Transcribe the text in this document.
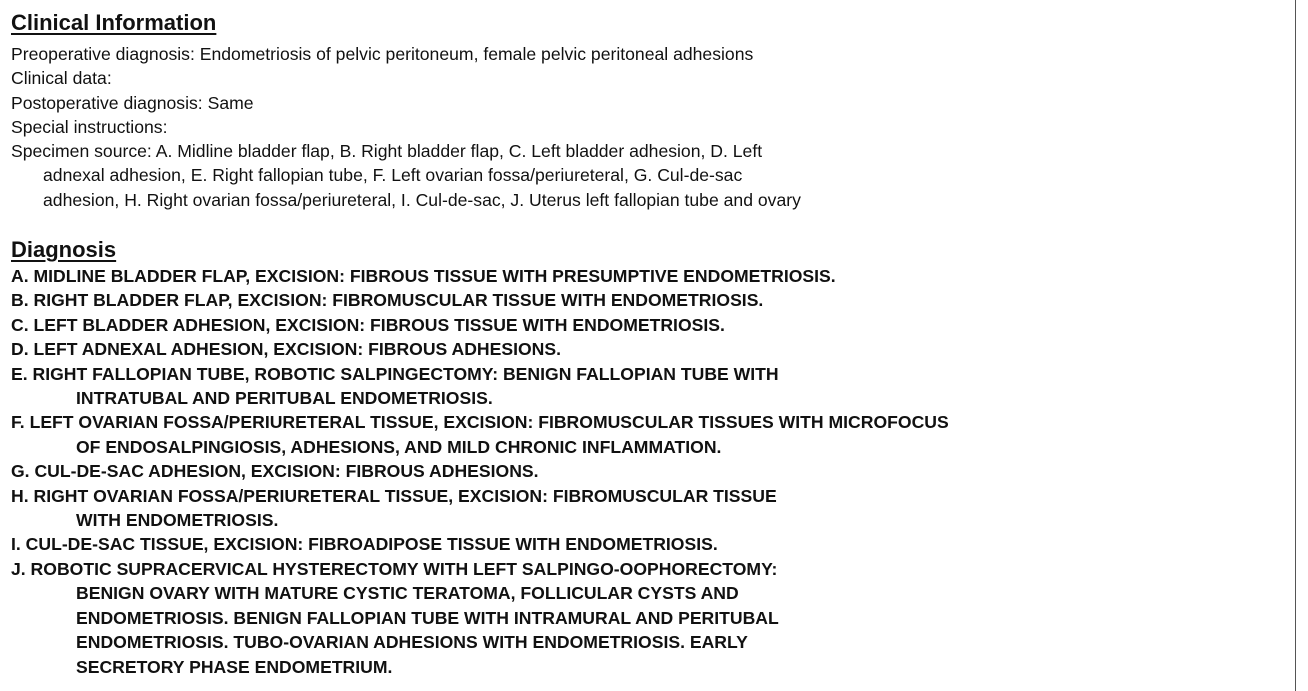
Clinical Information
Preoperative diagnosis: Endometriosis of pelvic peritoneum, female pelvic peritoneal adhesions
Clinical data:
Postoperative diagnosis: Same
Special instructions:
Specimen source: A. Midline bladder flap, B. Right bladder flap, C. Left bladder adhesion, D. Left
adnexal adhesion, E. Right fallopian tube, F. Left ovarian fossa/periureteral, G. Cul-de-sac
adhesion, H. Right ovarian fossa/periureteral, I. Cul-de-sac, J. Uterus left fallopian tube and ovary
Diagnosis
A. MIDLINE BLADDER FLAP, EXCISION: FIBROUS TISSUE WITH PRESUMPTIVE ENDOMETRIOSIS.
B. RIGHT BLADDER FLAP, EXCISION: FIBROMUSCULAR TISSUE WITH ENDOMETRIOSIS.
C. LEFT BLADDER ADHESION, EXCISION: FIBROUS TISSUE WITH ENDOMETRIOSIS.
D. LEFT ADNEXAL ADHESION, EXCISION: FIBROUS ADHESIONS.
E. RIGHT FALLOPIAN TUBE, ROBOTIC SALPINGECTOMY: BENIGN FALLOPIAN TUBE WITH
INTRATUBAL AND PERITUBAL ENDOMETRIOSIS.
F. LEFT OVARIAN FOSSA/PERIURETERAL TISSUE, EXCISION: FIBROMUSCULAR TISSUES WITH MICROFOCUS
OF ENDOSALPINGIOSIS, ADHESIONS, AND MILD CHRONIC INFLAMMATION.
G. CUL-DE-SAC ADHESION, EXCISION: FIBROUS ADHESIONS.
H. RIGHT OVARIAN FOSSA/PERIURETERAL TISSUE, EXCISION: FIBROMUSCULAR TISSUE
WITH ENDOMETRIOSIS.
I. CUL-DE-SAC TISSUE, EXCISION: FIBROADIPOSE TISSUE WITH ENDOMETRIOSIS.
J. ROBOTIC SUPRACERVICAL HYSTERECTOMY WITH LEFT SALPINGO-OOPHORECTOMY:
BENIGN OVARY WITH MATURE CYSTIC TERATOMA, FOLLICULAR CYSTS AND
ENDOMETRIOSIS. BENIGN FALLOPIAN TUBE WITH INTRAMURAL AND PERITUBAL
ENDOMETRIOSIS. TUBO-OVARIAN ADHESIONS WITH ENDOMETRIOSIS. EARLY
SECRETORY PHASE ENDOMETRIUM.
